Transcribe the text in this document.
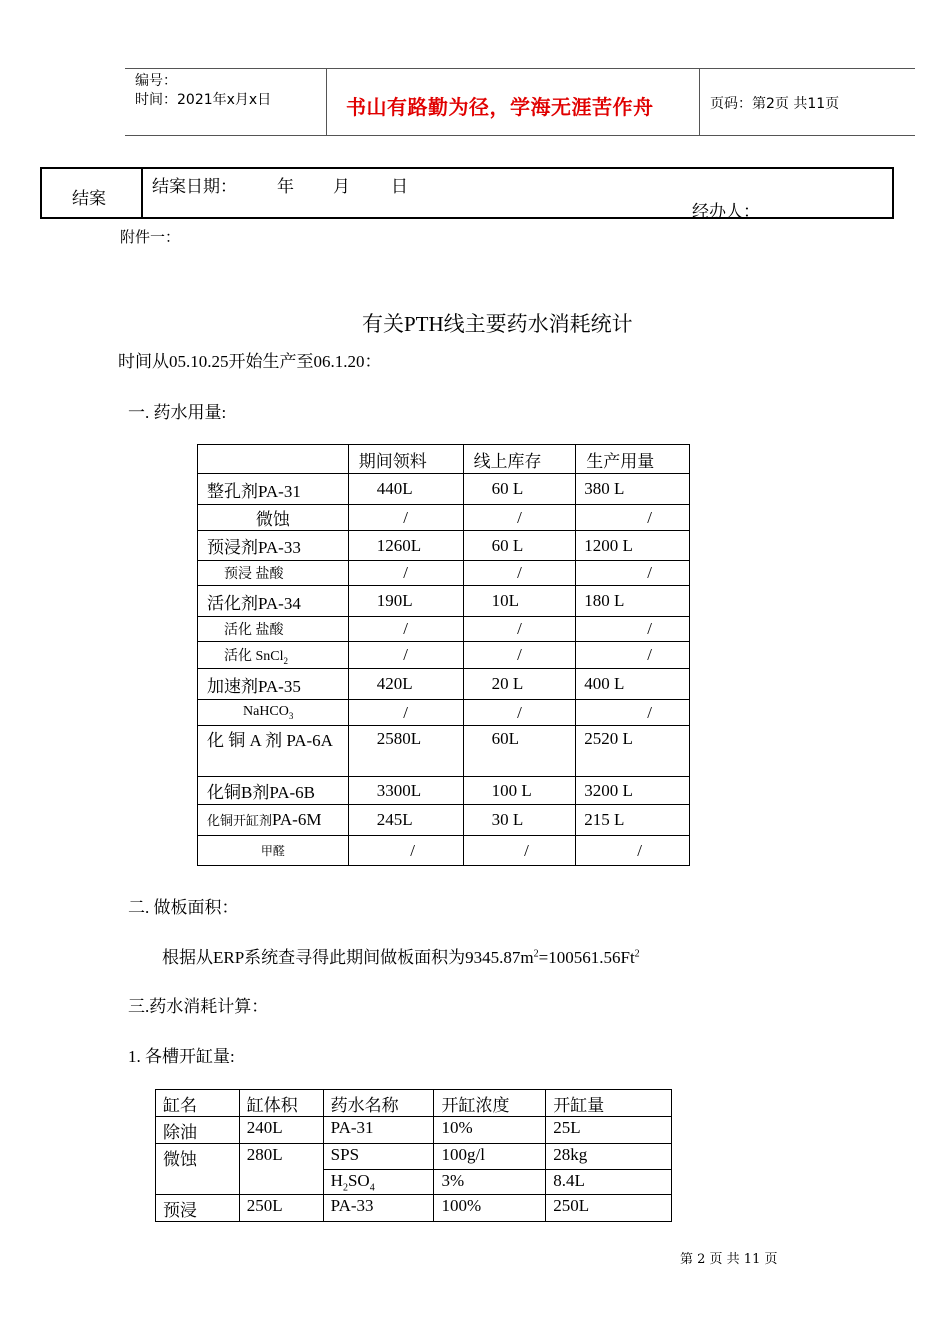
编号：
时间：2021年x月x日	书山有路勤为径，学海无涯苦作舟	页码：第2页 共11页
结案
结案日期： 年 月 日
经办人：
附件一：
有关PTH线主要药水消耗统计
时间从05.10.25开始生产至06.1.20：
一. 药水用量:
	期间领料	线上库存	生产用量
整孔剂PA-31	440L	60 L	380 L
微蚀	/	/	/
预浸剂PA-33	1260L	60 L	1200 L
预浸 盐酸	/	/	/
活化剂PA-34	190L	10L	180 L
活化 盐酸	/	/	/
活化 SnCl$_2$	/	/	/
加速剂PA-35	420L	20 L	400 L
NaHCO$_3$	/	/	/
化 铜 A 剂 PA-6A	2580L	60L	2520 L
化铜B剂PA-6B	3300L	100 L	3200 L
化铜开缸剂PA-6M	245L	30 L	215 L
甲醛	/	/	/
二. 做板面积：
根据从ERP系统查寻得此期间做板面积为$9345.87m^2=100561.56Ft^2$
三.药水消耗计算：
1. 各槽开缸量:
缸名	缸体积	药水名称	开缸浓度	开缸量
除油	240L	PA-31	10%	25L
微蚀	280L	SPS	100g/l	28kg
		$H_2SO_4$	3%	8.4L
预浸	250L	PA-33	100%	250L
第 2 页 共 11 页
